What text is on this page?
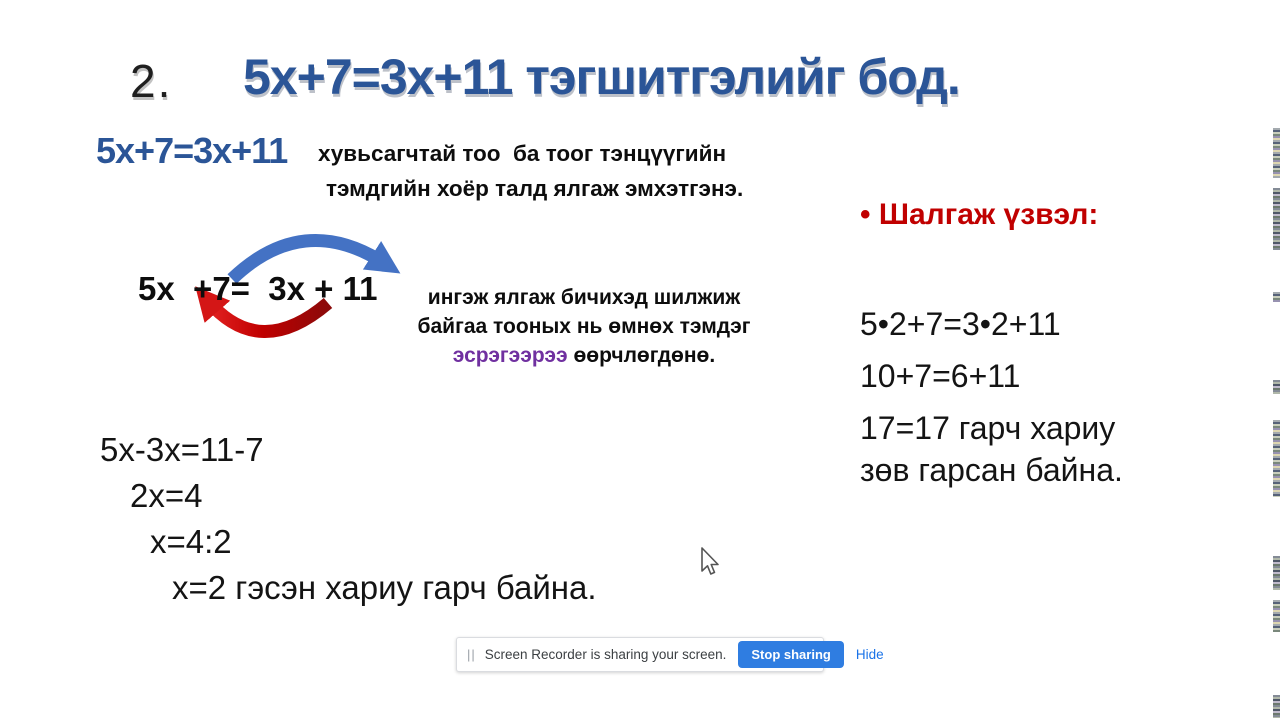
2. 5х+7=3х+11 тэгшитгэлийг бод.
5х+7=3х+11 хувьсагчтай тоо  ба тоог тэнцүүгийн
тэмдгийн хоёр талд ялгаж эмхэтгэнэ.
5х  +7=  3х + 11	ингэж ялгаж бичихэд шилжиж
байгаа тооных нь өмнөх тэмдэг
эсрэгээрээ өөрчлөгдөнө.
5х-3х=11-7
2х=4
х=4:2
х=2 гэсэн хариу гарч байна.
• Шалгаж үзвэл:
5•2+7=3•2+11
10+7=6+11
17=17 гарч хариу зөв гарсан байна.
|| Screen Recorder is sharing your screen.	Stop sharing	Hide
